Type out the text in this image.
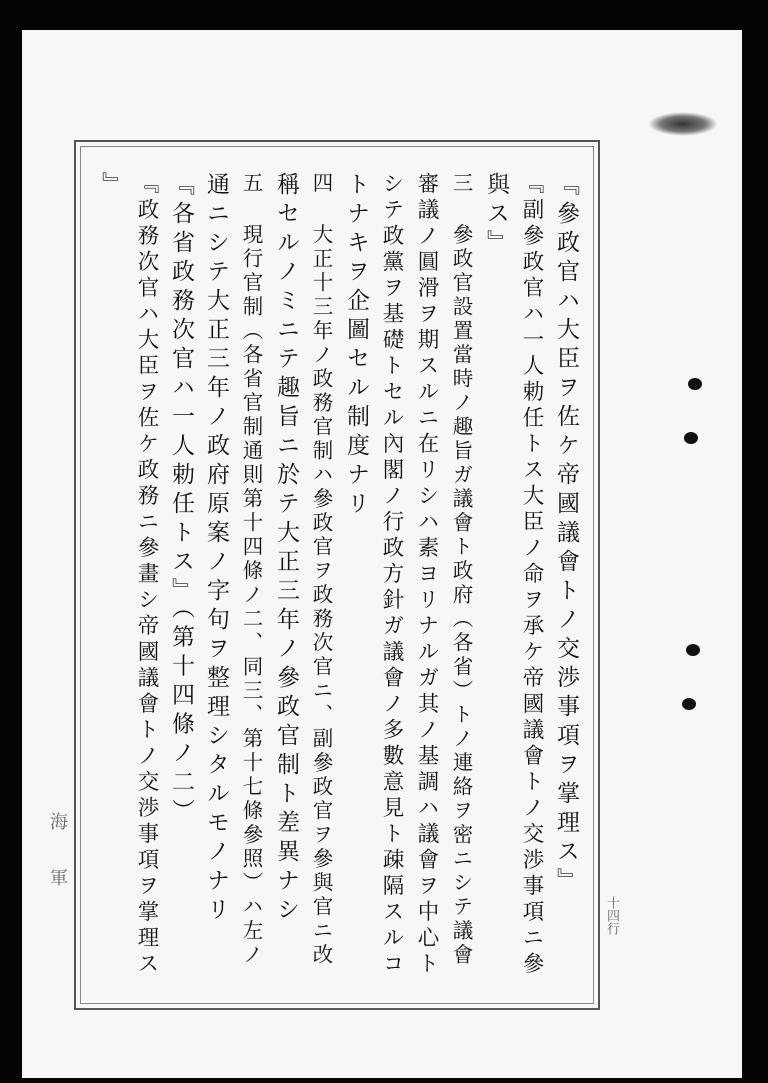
海軍	十四行
『參政官ハ大臣ヲ佐ケ帝國議會トノ交渉事項ヲ掌理ス』
『副參政官ハ一人勅任トス大臣ノ命ヲ承ケ帝國議會トノ交渉事項ニ參
與ス』
三 參政官設置當時ノ趣旨ガ議會ト政府（各省）トノ連絡ヲ密ニシテ議會
審議ノ圓滑ヲ期スルニ在リシハ素ヨリナルガ其ノ基調ハ議會ヲ中心ト
シテ政黨ヲ基礎トセル內閣ノ行政方針ガ議會ノ多數意見ト疎隔スルコ
トナキヲ企圖セル制度ナリ
四 大正十三年ノ政務官制ハ參政官ヲ政務次官ニ、副參政官ヲ參與官ニ改
稱セルノミニテ趣旨ニ於テ大正三年ノ參政官制ト差異ナシ
五 現行官制（各省官制通則第十四條ノ二、同三、第十七條參照）ハ左ノ
通ニシテ大正三年ノ政府原案ノ字句ヲ整理シタルモノナリ
『各省政務次官ハ一人勅任トス』（第十四條ノ二）
『政務次官ハ大臣ヲ佐ケ政務ニ參畫シ帝國議會トノ交渉事項ヲ掌理ス
』
